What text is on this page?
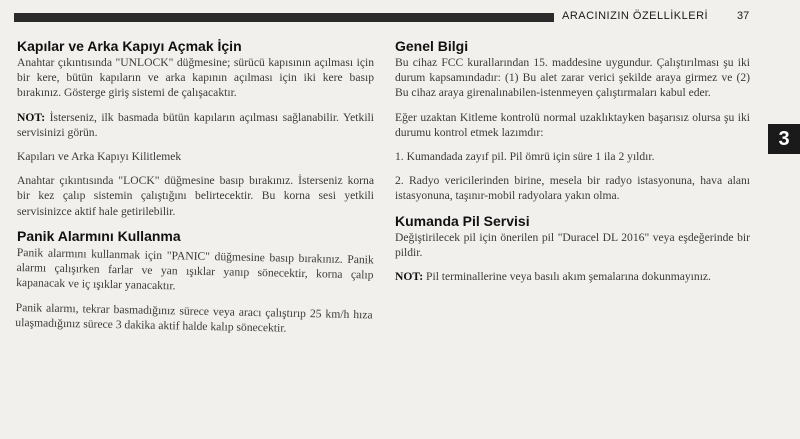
ARACINIZIN ÖZELLİKLERİ	37
3
Kapılar ve Arka Kapıyı Açmak İçin

Anahtar çıkıntısında "UNLOCK" düğmesine; sürücü kapısının açılması için bir kere, bütün kapıların ve arka kapının açılması için iki kere basıp bırakınız. Gösterge giriş sistemi de çalışacaktır.

NOT: İsterseniz, ilk basmada bütün kapıların açılması sağlanabilir. Yetkili servisinizi görün.

Kapıları ve Arka Kapıyı Kilitlemek

Anahtar çıkıntısında "LOCK" düğmesine basıp bırakınız. İsterseniz korna bir kez çalıp sistemin çalıştığını belirtecektir. Bu korna sesi yetkili servisinizce aktif hale getirilebilir.

Panik Alarmını Kullanma

Panik alarmını kullanmak için "PANIC" düğmesine basıp bırakınız. Panik alarmı çalışırken farlar ve yan ışıklar yanıp sönecektir, korna çalıp kapanacak ve iç ışıklar yanacaktır.

Panik alarmı, tekrar basmadığınız sürece veya aracı çalıştırıp 25 km/h hıza ulaşmadığınız sürece 3 dakika aktif halde kalıp sönecektir.

Genel Bilgi

Bu cihaz FCC kurallarından 15. maddesine uygundur. Çalıştırılması şu iki durum kapsamındadır: (1) Bu alet zarar verici şekilde araya girmez ve (2) Bu cihaz araya girenalınabilen-istenmeyen çalıştırmaları kabul eder.

Eğer uzaktan Kitleme kontrolü normal uzaklıktayken başarısız olursa şu iki durumu kontrol etmek lazımdır:

1. Kumandada zayıf pil. Pil ömrü için süre 1 ila 2 yıldır.

2. Radyo vericilerinden birine, mesela bir radyo istasyonuna, hava alanı istasyonuna, taşınır-mobil radyolara yakın olma.

Kumanda Pil Servisi

Değiştirilecek pil için önerilen pil "Duracel DL 2016" veya eşdeğerinde bir pildir.

NOT: Pil terminallerine veya basılı akım şemalarına dokunmayınız.
